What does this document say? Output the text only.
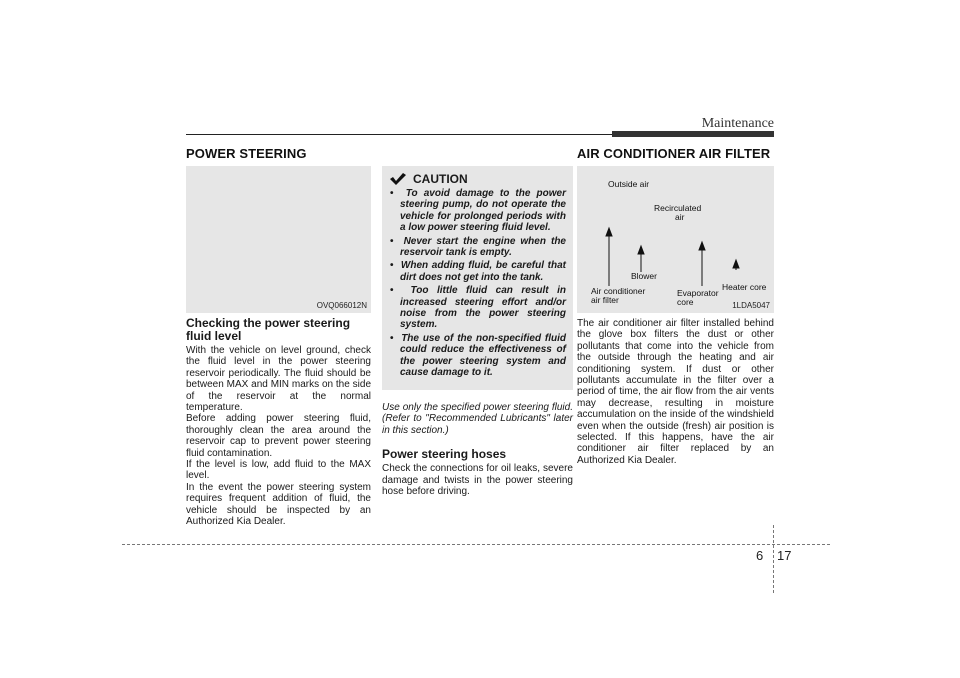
Maintenance
POWER STEERING	AIR CONDITIONER AIR FILTER
OVQ066012N
Checking the power steering fluid level

With the vehicle on level ground, check the fluid level in the power steering reservoir periodically. The fluid should be between MAX and MIN marks on the side of the reservoir at the normal temperature.

Before adding power steering fluid, thoroughly clean the area around the reservoir cap to prevent power steering fluid contamination.

If the level is low, add fluid to the MAX level.

In the event the power steering system requires frequent addition of fluid, the vehicle should be inspected by an Authorized Kia Dealer.

CAUTION
•  To avoid damage to the power steering pump, do not operate the vehicle for prolonged periods with a low power steering fluid level.
•  Never start the engine when the reservoir tank is empty.
•  When adding fluid, be careful that dirt does not get into the tank.
•  Too little fluid can result in increased steering effort and/or noise from the power steering system.
•  The use of the non-specified fluid could reduce the effectiveness of the power steering system and cause damage to it.

Use only the specified power steering fluid. (Refer to "Recommended Lubricants" later in this section.)

Power steering hoses

Check the connections for oil leaks, severe damage and twists in the power steering hose before driving.

Outside air
Recirculated
air
Blower
Air conditioner
air filter
Evaporator
core
Heater core
1LDA5047

The air conditioner air filter installed behind the glove box filters the dust or other pollutants that come into the vehicle from the outside through the heating and air conditioning system. If dust or other pollutants accumulate in the filter over a period of time, the air flow from the air vents may decrease, resulting in moisture accumulation on the inside of the windshield even when the outside (fresh) air position is selected. If this happens, have the air conditioner air filter replaced by an Authorized Kia Dealer.

6 17
